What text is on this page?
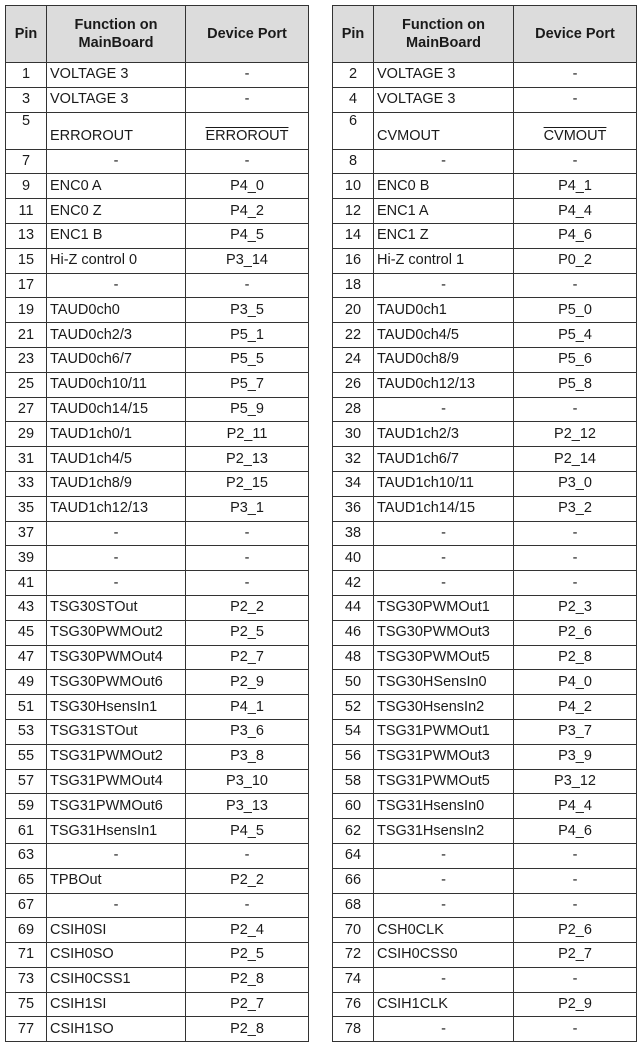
Pin	Function on MainBoard	Device Port
1	VOLTAGE 3	-
3	VOLTAGE 3	-
5	ERROROUT	ERROROUT
7	-	-
9	ENC0 A	P4_0
11	ENC0 Z	P4_2
13	ENC1 B	P4_5
15	Hi-Z control 0	P3_14
17	-	-
19	TAUD0ch0	P3_5
21	TAUD0ch2/3	P5_1
23	TAUD0ch6/7	P5_5
25	TAUD0ch10/11	P5_7
27	TAUD0ch14/15	P5_9
29	TAUD1ch0/1	P2_11
31	TAUD1ch4/5	P2_13
33	TAUD1ch8/9	P2_15
35	TAUD1ch12/13	P3_1
37	-	-
39	-	-
41	-	-
43	TSG30STOut	P2_2
45	TSG30PWMOut2	P2_5
47	TSG30PWMOut4	P2_7
49	TSG30PWMOut6	P2_9
51	TSG30HsensIn1	P4_1
53	TSG31STOut	P3_6
55	TSG31PWMOut2	P3_8
57	TSG31PWMOut4	P3_10
59	TSG31PWMOut6	P3_13
61	TSG31HsensIn1	P4_5
63	-	-
65	TPBOut	P2_2
67	-	-
69	CSIH0SI	P2_4
71	CSIH0SO	P2_5
73	CSIH0CSS1	P2_8
75	CSIH1SI	P2_7
77	CSIH1SO	P2_8
Pin	Function on MainBoard	Device Port
2	VOLTAGE 3	-
4	VOLTAGE 3	-
6	CVMOUT	CVMOUT
8	-	-
10	ENC0 B	P4_1
12	ENC1 A	P4_4
14	ENC1 Z	P4_6
16	Hi-Z control 1	P0_2
18	-	-
20	TAUD0ch1	P5_0
22	TAUD0ch4/5	P5_4
24	TAUD0ch8/9	P5_6
26	TAUD0ch12/13	P5_8
28	-	-
30	TAUD1ch2/3	P2_12
32	TAUD1ch6/7	P2_14
34	TAUD1ch10/11	P3_0
36	TAUD1ch14/15	P3_2
38	-	-
40	-	-
42	-	-
44	TSG30PWMOut1	P2_3
46	TSG30PWMOut3	P2_6
48	TSG30PWMOut5	P2_8
50	TSG30HSensIn0	P4_0
52	TSG30HsensIn2	P4_2
54	TSG31PWMOut1	P3_7
56	TSG31PWMOut3	P3_9
58	TSG31PWMOut5	P3_12
60	TSG31HsensIn0	P4_4
62	TSG31HsensIn2	P4_6
64	-	-
66	-	-
68	-	-
70	CSH0CLK	P2_6
72	CSIH0CSS0	P2_7
74	-	-
76	CSIH1CLK	P2_9
78	-	-
